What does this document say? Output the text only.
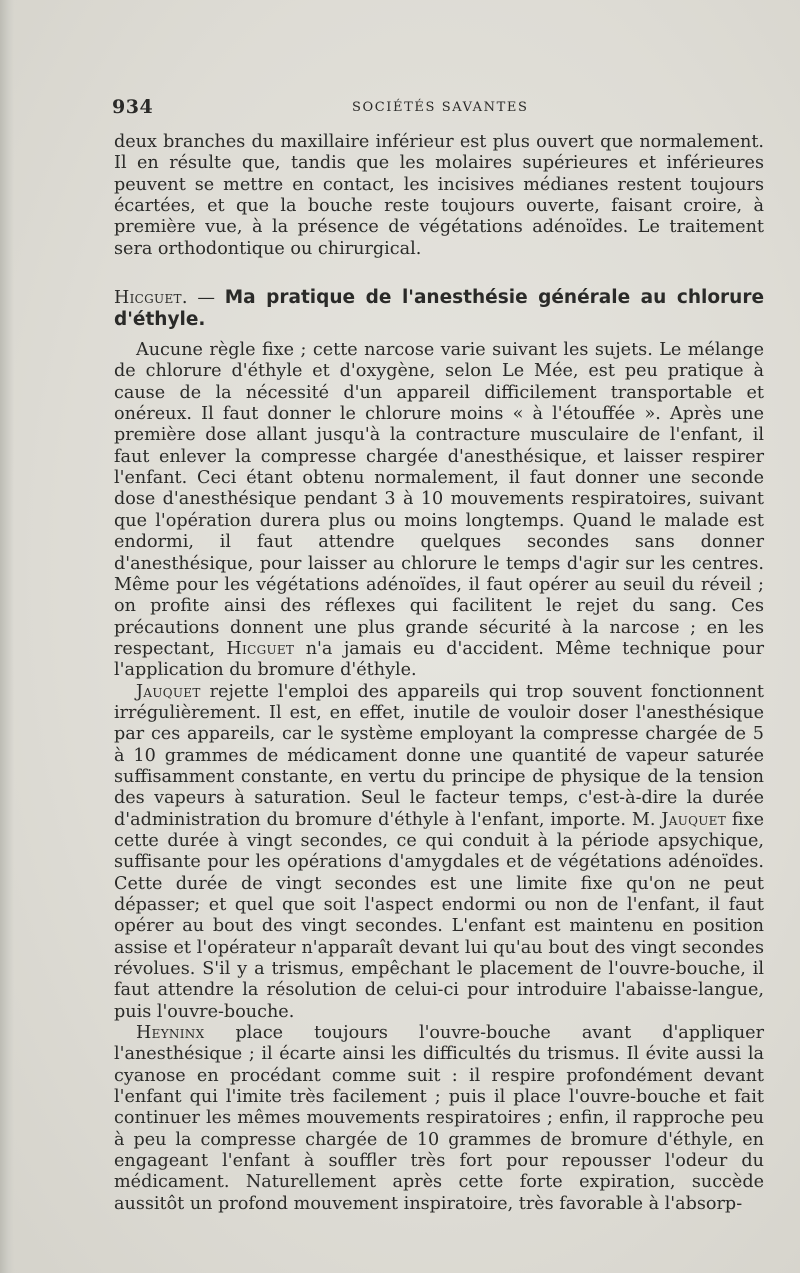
934	SOCIÉTÉS SAVANTES

deux branches du maxillaire inférieur est plus ouvert que normalement. Il en résulte que, tandis que les molaires supérieures et inférieures peuvent se mettre en contact, les incisives médianes restent toujours écartées, et que la bouche reste toujours ouverte, faisant croire, à première vue, à la présence de végétations adénoïdes. Le traitement sera orthodontique ou chirurgical.

Hicguet. — Ma pratique de l'anesthésie générale au chlorure d'éthyle.

Aucune règle fixe ; cette narcose varie suivant les sujets. Le mélange de chlorure d'éthyle et d'oxygène, selon Le Mée, est peu pratique à cause de la nécessité d'un appareil difficilement transportable et onéreux. Il faut donner le chlorure moins « à l'étouffée ». Après une première dose allant jusqu'à la contracture musculaire de l'enfant, il faut enlever la compresse chargée d'anesthésique, et laisser respirer l'enfant. Ceci étant obtenu normalement, il faut donner une seconde dose d'anesthésique pendant 3 à 10 mouvements respiratoires, suivant que l'opération durera plus ou moins longtemps. Quand le malade est endormi, il faut attendre quelques secondes sans donner d'anesthésique, pour laisser au chlorure le temps d'agir sur les centres. Même pour les végétations adénoïdes, il faut opérer au seuil du réveil ; on profite ainsi des réflexes qui facilitent le rejet du sang. Ces précautions donnent une plus grande sécurité à la narcose ; en les respectant, Hicguet n'a jamais eu d'accident. Même technique pour l'application du bromure d'éthyle.

Jauquet rejette l'emploi des appareils qui trop souvent fonctionnent irrégulièrement. Il est, en effet, inutile de vouloir doser l'anesthésique par ces appareils, car le système employant la compresse chargée de 5 à 10 grammes de médicament donne une quantité de vapeur saturée suffisamment constante, en vertu du principe de physique de la tension des vapeurs à saturation. Seul le facteur temps, c'est-à-dire la durée d'administration du bromure d'éthyle à l'enfant, importe. M. Jauquet fixe cette durée à vingt secondes, ce qui conduit à la période apsychique, suffisante pour les opérations d'amygdales et de végétations adénoïdes. Cette durée de vingt secondes est une limite fixe qu'on ne peut dépasser; et quel que soit l'aspect endormi ou non de l'enfant, il faut opérer au bout des vingt secondes. L'enfant est maintenu en position assise et l'opérateur n'apparaît devant lui qu'au bout des vingt secondes révolues. S'il y a trismus, empêchant le placement de l'ouvre-bouche, il faut attendre la résolution de celui-ci pour introduire l'abaisse-langue, puis l'ouvre-bouche.

Heyninx place toujours l'ouvre-bouche avant d'appliquer l'anesthésique ; il écarte ainsi les difficultés du trismus. Il évite aussi la cyanose en procédant comme suit : il respire profondément devant l'enfant qui l'imite très facilement ; puis il place l'ouvre-bouche et fait continuer les mêmes mouvements respiratoires ; enfin, il rapproche peu à peu la compresse chargée de 10 grammes de bromure d'éthyle, en engageant l'enfant à souffler très fort pour repousser l'odeur du médicament. Naturellement après cette forte expiration, succède aussitôt un profond mouvement inspiratoire, très favorable à l'absorp-
